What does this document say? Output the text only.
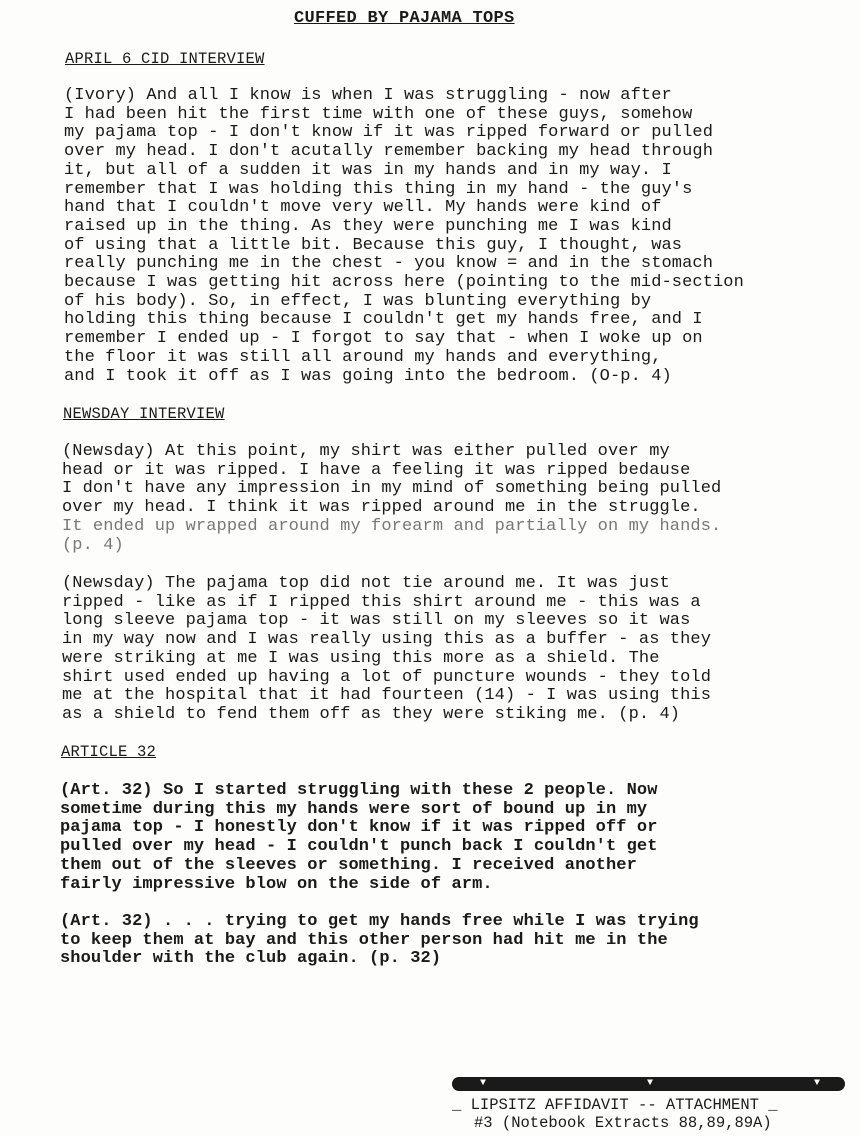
CUFFED BY PAJAMA TOPS
APRIL 6 CID INTERVIEW
(Ivory) And all I know is when I was struggling - now after
I had been hit the first time with one of these guys, somehow
my pajama top - I don't know if it was ripped forward or pulled
over my head. I don't acutally remember backing my head through
it, but all of a sudden it was in my hands and in my way. I
remember that I was holding this thing in my hand - the guy's
hand that I couldn't move very well. My hands were kind of
raised up in the thing. As they were punching me I was kind
of using that a little bit. Because this guy, I thought, was
really punching me in the chest - you know = and in the stomach
because I was getting hit across here (pointing to the mid-section
of his body). So, in effect, I was blunting everything by
holding this thing because I couldn't get my hands free, and I
remember I ended up - I forgot to say that - when I woke up on
the floor it was still all around my hands and everything,
and I took it off as I was going into the bedroom. (O-p. 4)
NEWSDAY INTERVIEW
(Newsday) At this point, my shirt was either pulled over my
head or it was ripped. I have a feeling it was ripped bedause
I don't have any impression in my mind of something being pulled
over my head. I think it was ripped around me in the struggle.
It ended up wrapped around my forearm and partially on my hands.
(p. 4)
(Newsday) The pajama top did not tie around me. It was just
ripped - like as if I ripped this shirt around me - this was a
long sleeve pajama top - it was still on my sleeves so it was
in my way now and I was really using this as a buffer - as they
were striking at me I was using this more as a shield. The
shirt used ended up having a lot of puncture wounds - they told
me at the hospital that it had fourteen (14) - I was using this
as a shield to fend them off as they were stiking me. (p. 4)
ARTICLE 32
(Art. 32) So I started struggling with these 2 people. Now
sometime during this my hands were sort of bound up in my
pajama top - I honestly don't know if it was ripped off or
pulled over my head - I couldn't punch back I couldn't get
them out of the sleeves or something. I received another
fairly impressive blow on the side of arm.
(Art. 32) . . . trying to get my hands free while I was trying
to keep them at bay and this other person had hit me in the
shoulder with the club again. (p. 32)
▼	▼	▼
_ LIPSITZ AFFIDAVIT -- ATTACHMENT _
#3 (Notebook Extracts 88,89,89A)
